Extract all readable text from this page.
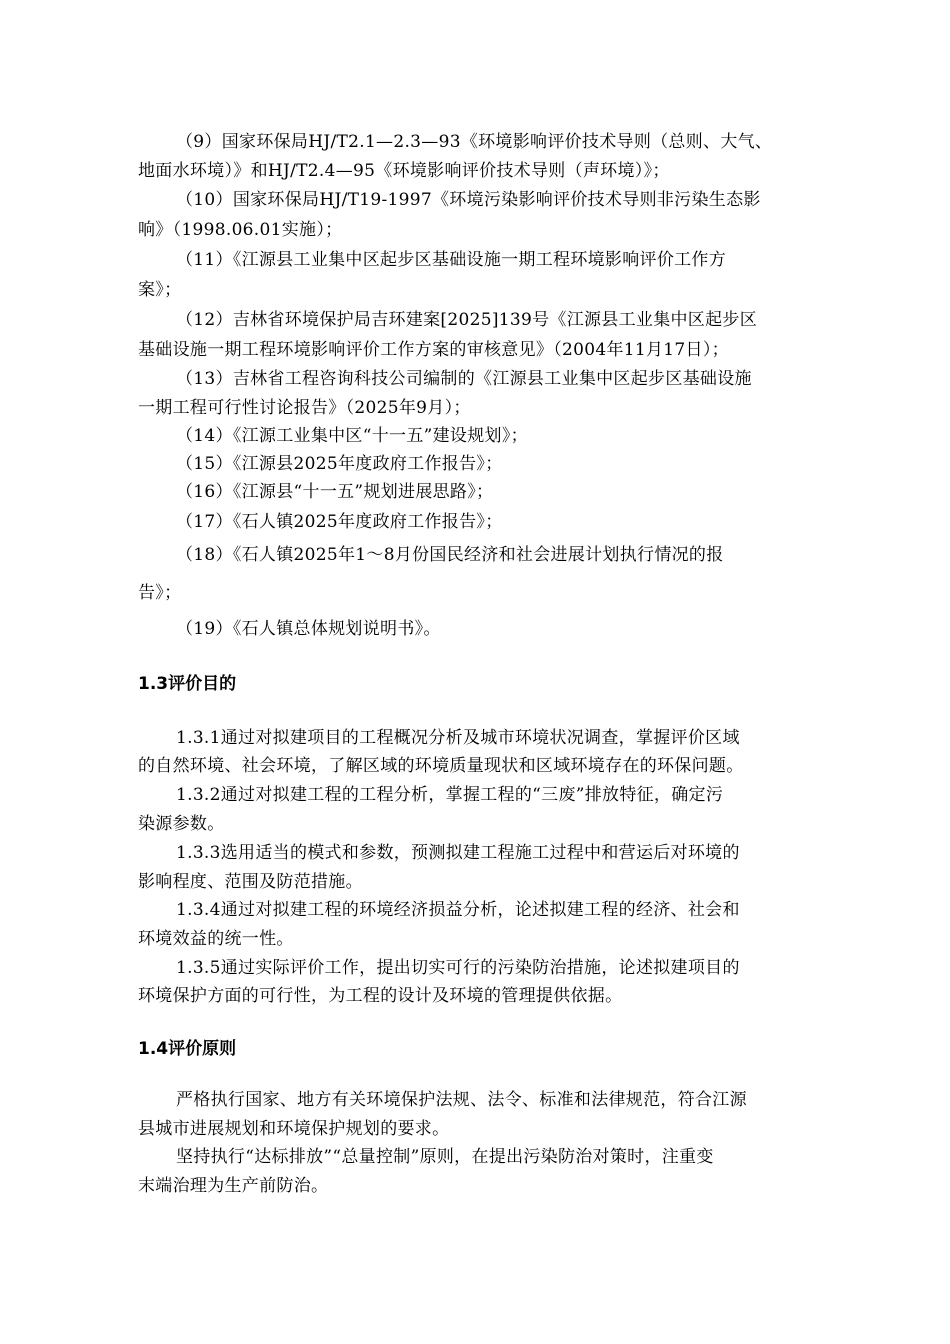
（9）国家环保局HJ/T2.1—2.3—93《环境影响评价技术导则（总则、大气、
地面水环境）》和HJ/T2.4—95《环境影响评价技术导则（声环境）》；
（10）国家环保局HJ/T19-1997《环境污染影响评价技术导则非污染生态影
响》（1998.06.01实施）；
（11）《江源县工业集中区起步区基础设施一期工程环境影响评价工作方
案》；
（12）吉林省环境保护局吉环建案[2025]139号《江源县工业集中区起步区
基础设施一期工程环境影响评价工作方案的审核意见》（2004年11月17日）；
（13）吉林省工程咨询科技公司编制的《江源县工业集中区起步区基础设施
一期工程可行性讨论报告》（2025年9月）；
（14）《江源工业集中区“十一五”建设规划》；
（15）《江源县2025年度政府工作报告》；
（16）《江源县“十一五”规划进展思路》；
（17）《石人镇2025年度政府工作报告》；
（18）《石人镇2025年1～8月份国民经济和社会进展计划执行情况的报
告》；
（19）《石人镇总体规划说明书》。
1.3评价目的
1.3.1通过对拟建项目的工程概况分析及城市环境状况调查，掌握评价区域
的自然环境、社会环境，了解区域的环境质量现状和区域环境存在的环保问题。
1.3.2通过对拟建工程的工程分析，掌握工程的“三废”排放特征，确定污
染源参数。
1.3.3选用适当的模式和参数，预测拟建工程施工过程中和营运后对环境的
影响程度、范围及防范措施。
1.3.4通过对拟建工程的环境经济损益分析，论述拟建工程的经济、社会和
环境效益的统一性。
1.3.5通过实际评价工作，提出切实可行的污染防治措施，论述拟建项目的
环境保护方面的可行性，为工程的设计及环境的管理提供依据。
1.4评价原则
严格执行国家、地方有关环境保护法规、法令、标准和法律规范，符合江源
县城市进展规划和环境保护规划的要求。
坚持执行“达标排放”“总量控制”原则，在提出污染防治对策时，注重变
末端治理为生产前防治。
